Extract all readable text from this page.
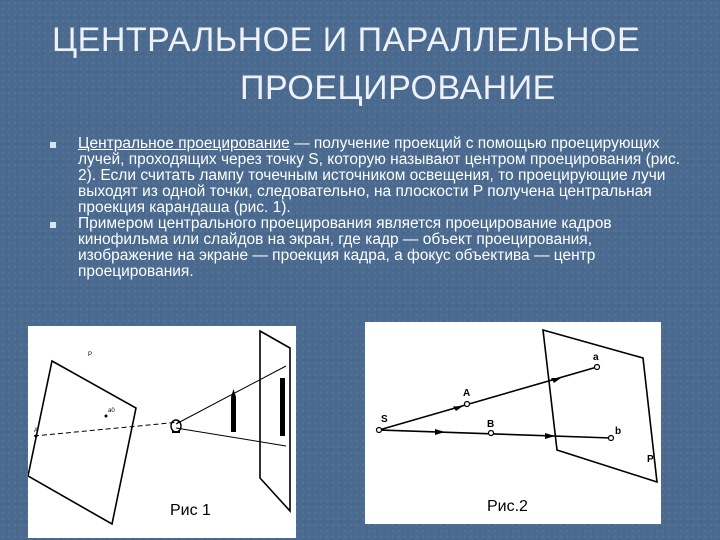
ЦЕНТРАЛЬНОЕ И ПАРАЛЛЕЛЬНОЕ
ПРОЕЦИРОВАНИЕ
Центральное проецирование — получение проекций с помощью проецирующих лучей, проходящих через точку S, которую называют центром проецирования (рис. 2). Если считать лампу точечным источником освещения, то проецирующие лучи выходят из одной точки, следовательно, на плоскости P получена центральная проекция карандаша (рис. 1).
Примером центрального проецирования является проецирование кадров кинофильма или слайдов на экран, где кадр — объект проецирования, изображение на экране — проекция кадра, а фокус объектива — центр проецирования.
P
A
a0
Рис 1
S
A
B
a
b
P
Рис.2
